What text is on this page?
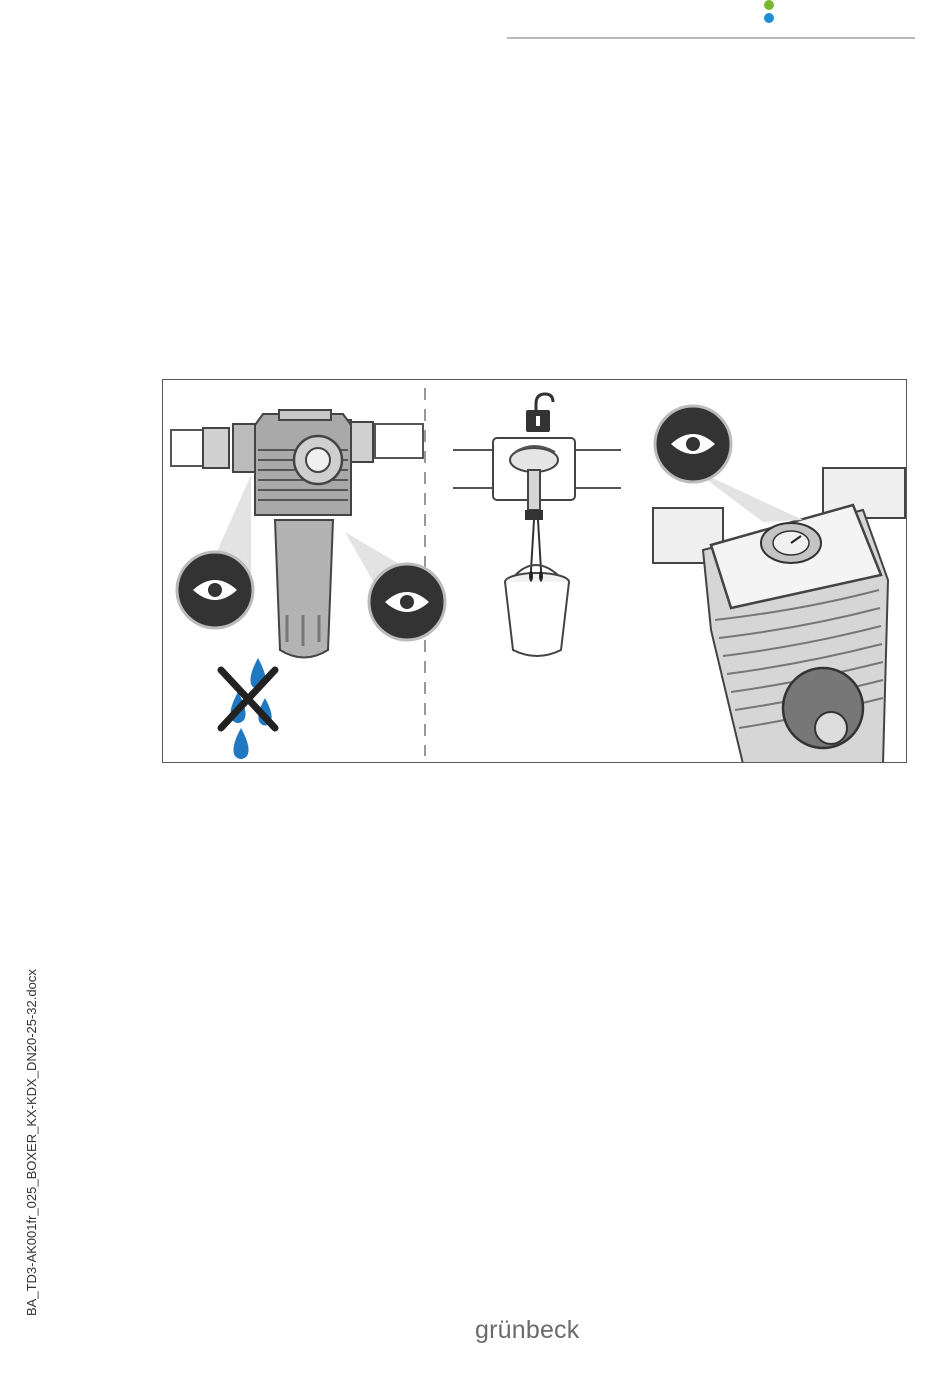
BA_TD3-AK001fr_025_BOXER_KX-KDX_DN20-25-32.docx
grünbeck
